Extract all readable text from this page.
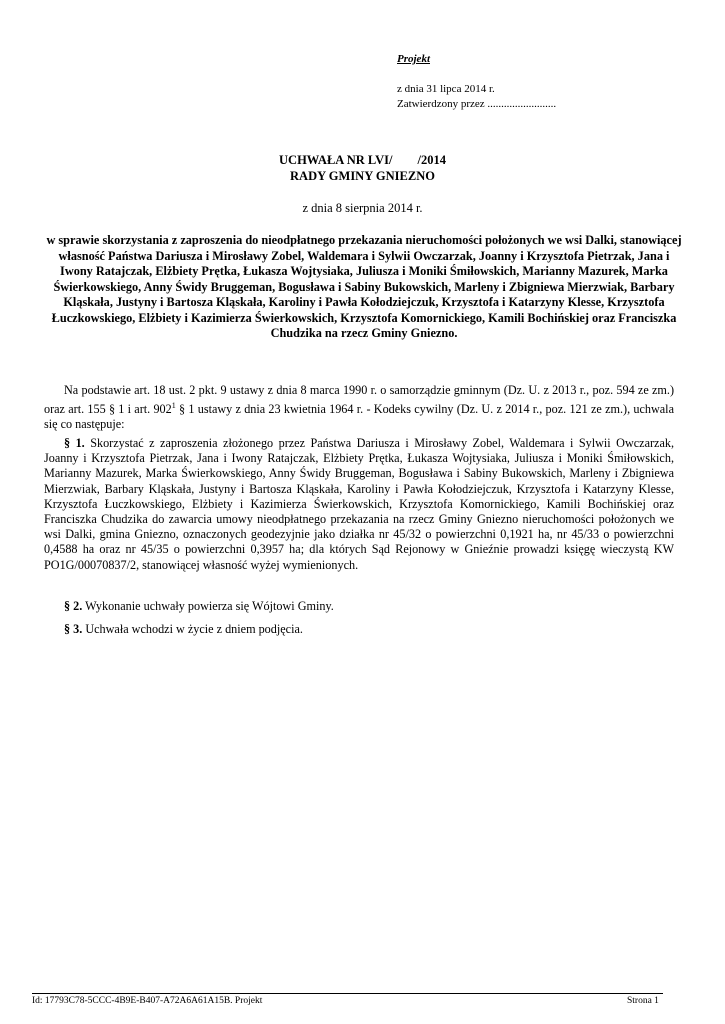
Projekt
z dnia 31 lipca 2014 r.
Zatwierdzony przez .........................
UCHWAŁA NR LVI/        /2014
RADY GMINY GNIEZNO
z dnia 8 sierpnia 2014 r.
w sprawie skorzystania z zaproszenia do nieodpłatnego przekazania nieruchomości położonych we wsi Dalki, stanowiącej własność Państwa Dariusza i Mirosławy Zobel, Waldemara i Sylwii Owczarzak, Joanny i Krzysztofa Pietrzak, Jana i Iwony Ratajczak, Elżbiety Prętka, Łukasza Wojtysiaka, Juliusza i Moniki Śmiłowskich, Marianny Mazurek, Marka Świerkowskiego, Anny Świdy Bruggeman, Bogusława i Sabiny Bukowskich, Marleny i Zbigniewa Mierzwiak, Barbary Kląskała, Justyny i Bartosza Kląskała, Karoliny i Pawła Kołodziejczuk, Krzysztofa i Katarzyny Klesse, Krzysztofa Łuczkowskiego, Elżbiety i Kazimierza Świerkowskich, Krzysztofa Komornickiego, Kamili Bochińskiej oraz Franciszka Chudzika na rzecz Gminy Gniezno.
Na podstawie art. 18 ust. 2 pkt. 9 ustawy z dnia 8 marca 1990 r. o samorządzie gminnym (Dz. U. z 2013 r., poz. 594 ze zm.) oraz art. 155 § 1 i art. $902^1$ § 1 ustawy z dnia 23 kwietnia 1964 r. - Kodeks cywilny (Dz. U. z 2014 r., poz. 121 ze zm.), uchwala się co następuje:
§ 1. Skorzystać z zaproszenia złożonego przez Państwa Dariusza i Mirosławy Zobel, Waldemara i Sylwii Owczarzak, Joanny i Krzysztofa Pietrzak, Jana i Iwony Ratajczak, Elżbiety Prętka, Łukasza Wojtysiaka, Juliusza i Moniki Śmiłowskich, Marianny Mazurek, Marka Świerkowskiego, Anny Świdy Bruggeman, Bogusława i Sabiny Bukowskich, Marleny i Zbigniewa Mierzwiak, Barbary Kląskała, Justyny i Bartosza Kląskała, Karoliny i Pawła Kołodziejczuk, Krzysztofa i Katarzyny Klesse, Krzysztofa Łuczkowskiego, Elżbiety i Kazimierza Świerkowskich, Krzysztofa Komornickiego, Kamili Bochińskiej oraz Franciszka Chudzika do zawarcia umowy nieodpłatnego przekazania na rzecz Gminy Gniezno nieruchomości położonych we wsi Dalki, gmina Gniezno, oznaczonych geodezyjnie jako działka nr 45/32 o powierzchni 0,1921 ha, nr 45/33 o powierzchni 0,4588 ha oraz nr 45/35 o powierzchni 0,3957 ha; dla których Sąd Rejonowy w Gnieźnie prowadzi księgę wieczystą KW PO1G/00070837/2, stanowiącej własność wyżej wymienionych.
§ 2. Wykonanie uchwały powierza się Wójtowi Gminy.
§ 3. Uchwała wchodzi w życie z dniem podjęcia.
Id: 17793C78-5CCC-4B9E-B407-A72A6A61A15B. Projekt	Strona 1
